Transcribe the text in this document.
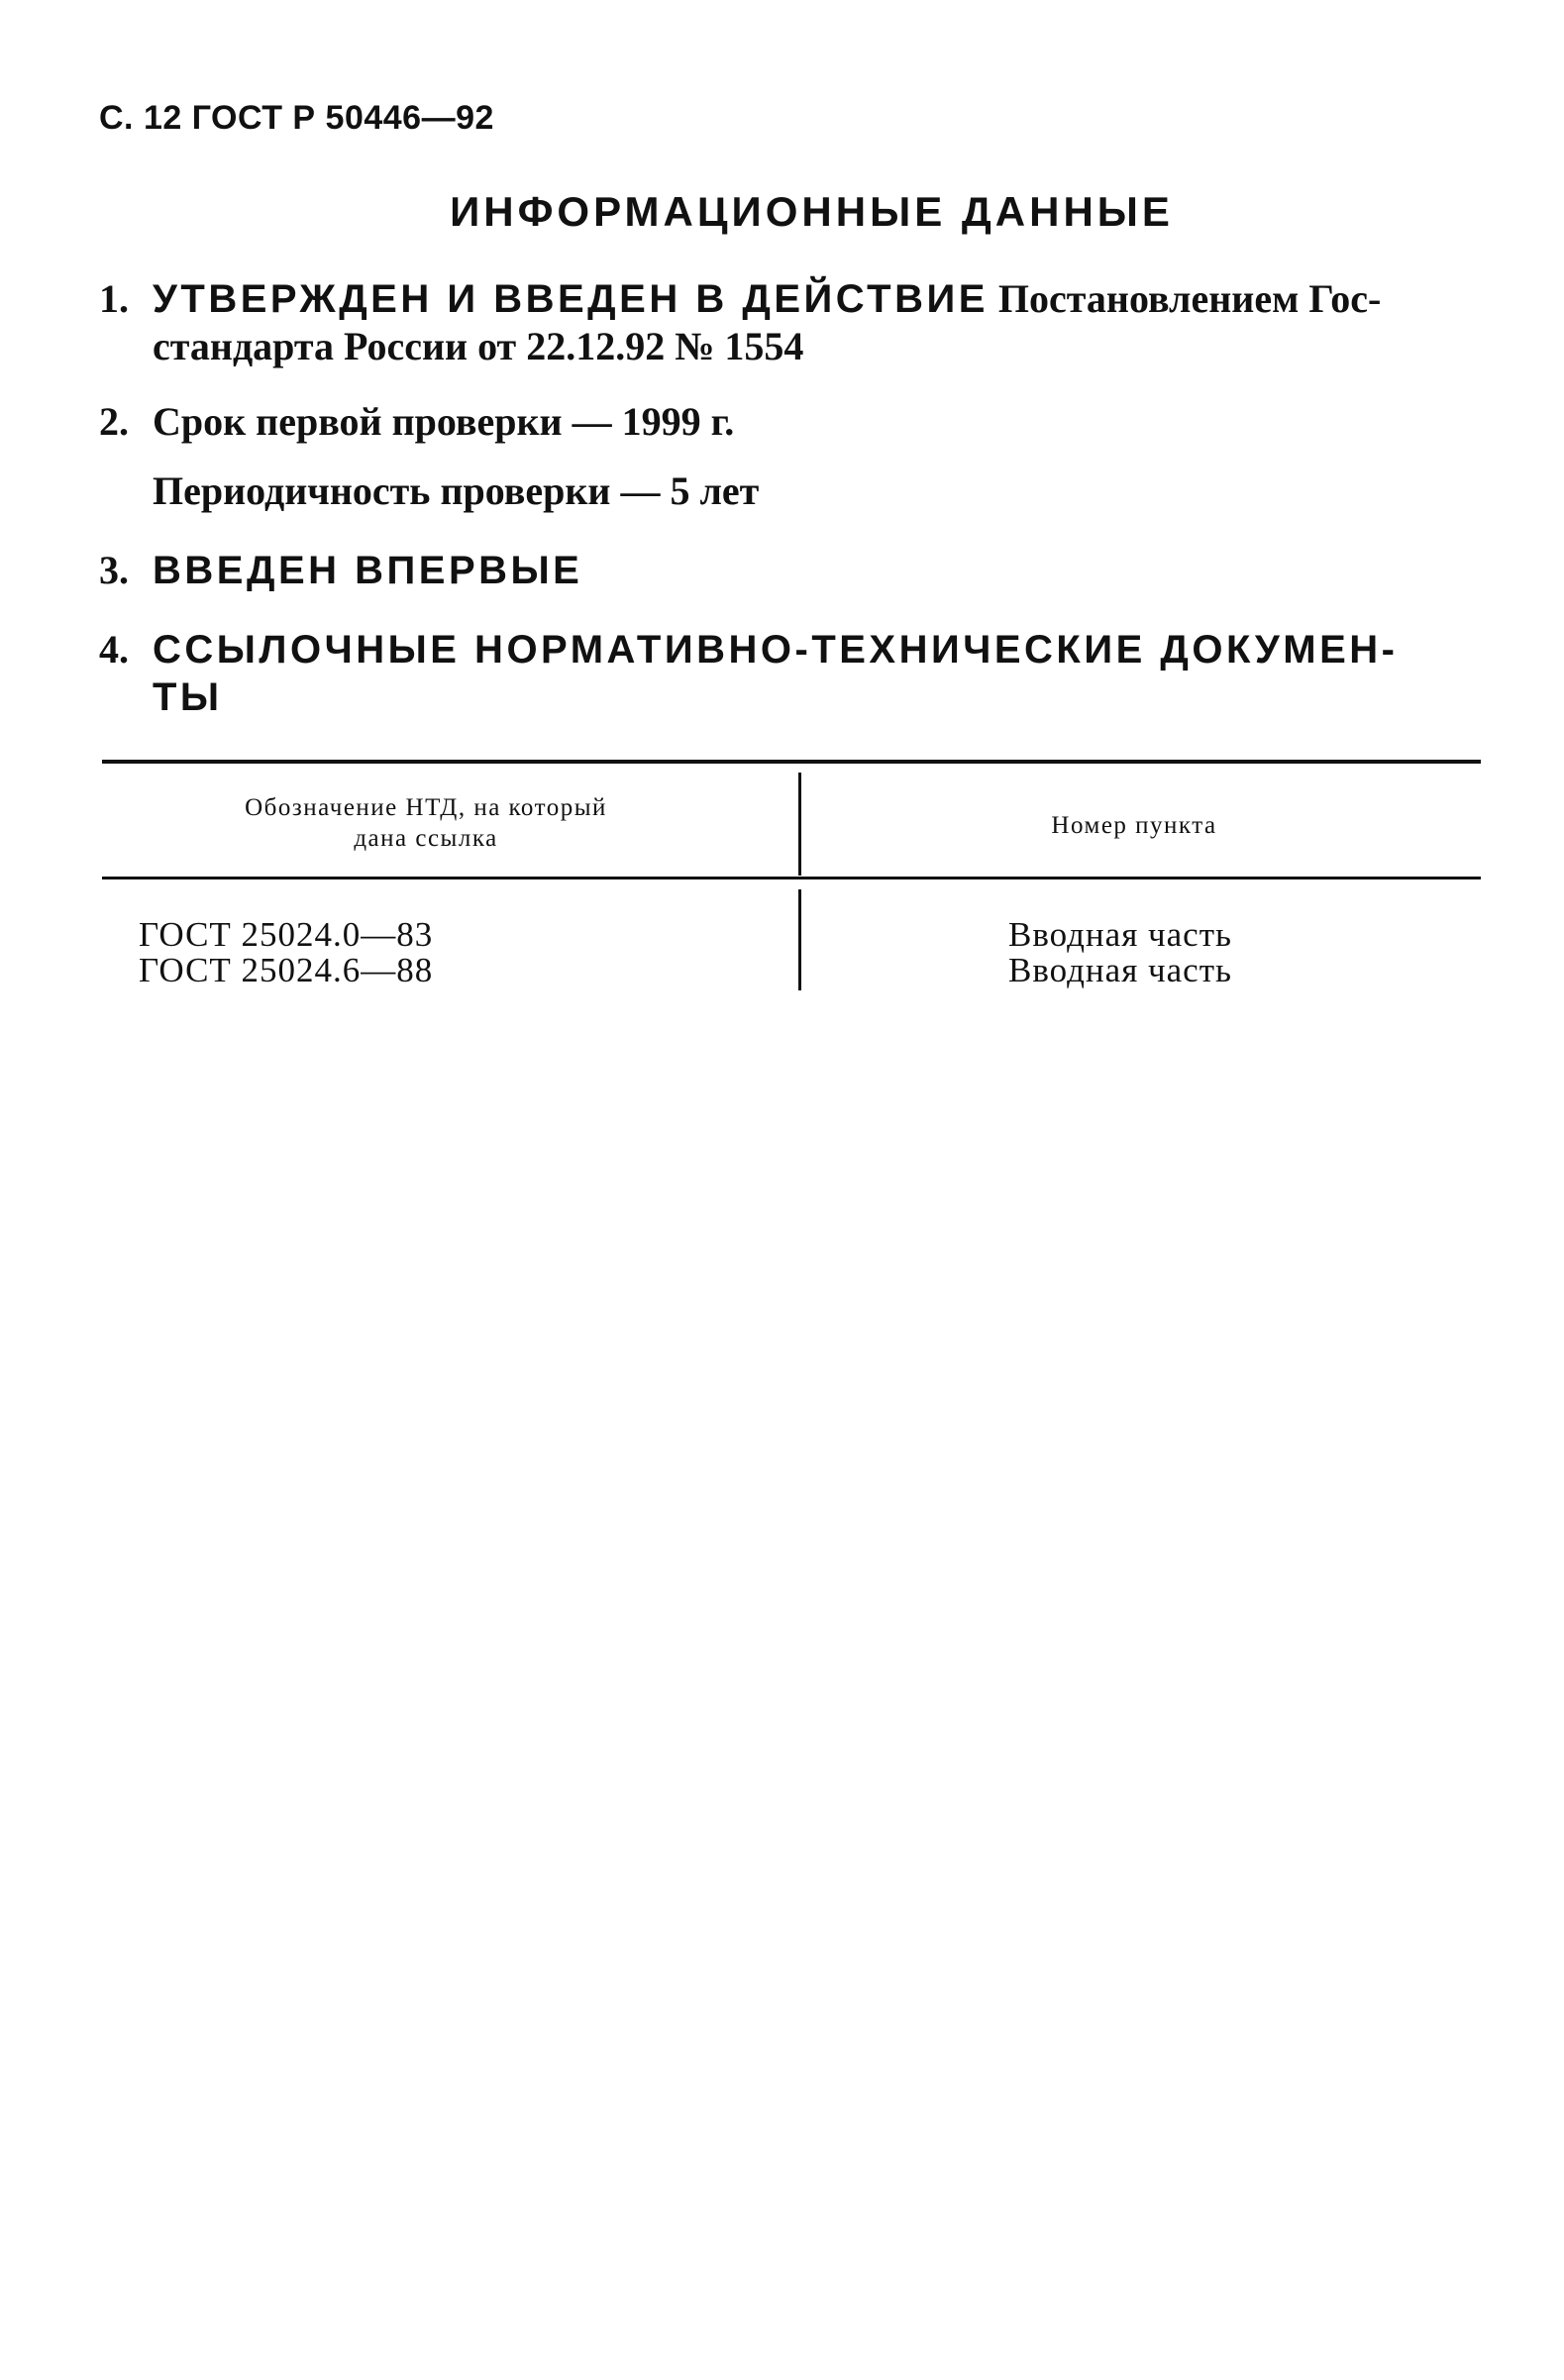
С. 12 ГОСТ Р 50446—92
ИНФОРМАЦИОННЫЕ ДАННЫЕ
1. УТВЕРЖДЕН И ВВЕДЕН В ДЕЙСТВИЕ Постановлением Гос-
стандарта России от 22.12.92 № 1554
2. Срок первой проверки — 1999 г.
Периодичность проверки — 5 лет
3. ВВЕДЕН ВПЕРВЫЕ
4. ССЫЛОЧНЫЕ НОРМАТИВНО-ТЕХНИЧЕСКИЕ ДОКУМЕН-
ТЫ
Обозначение НТД, на который
дана ссылка	Номер пункта
ГОСТ 25024.0—83	Вводная часть
ГОСТ 25024.6—88	Вводная часть
